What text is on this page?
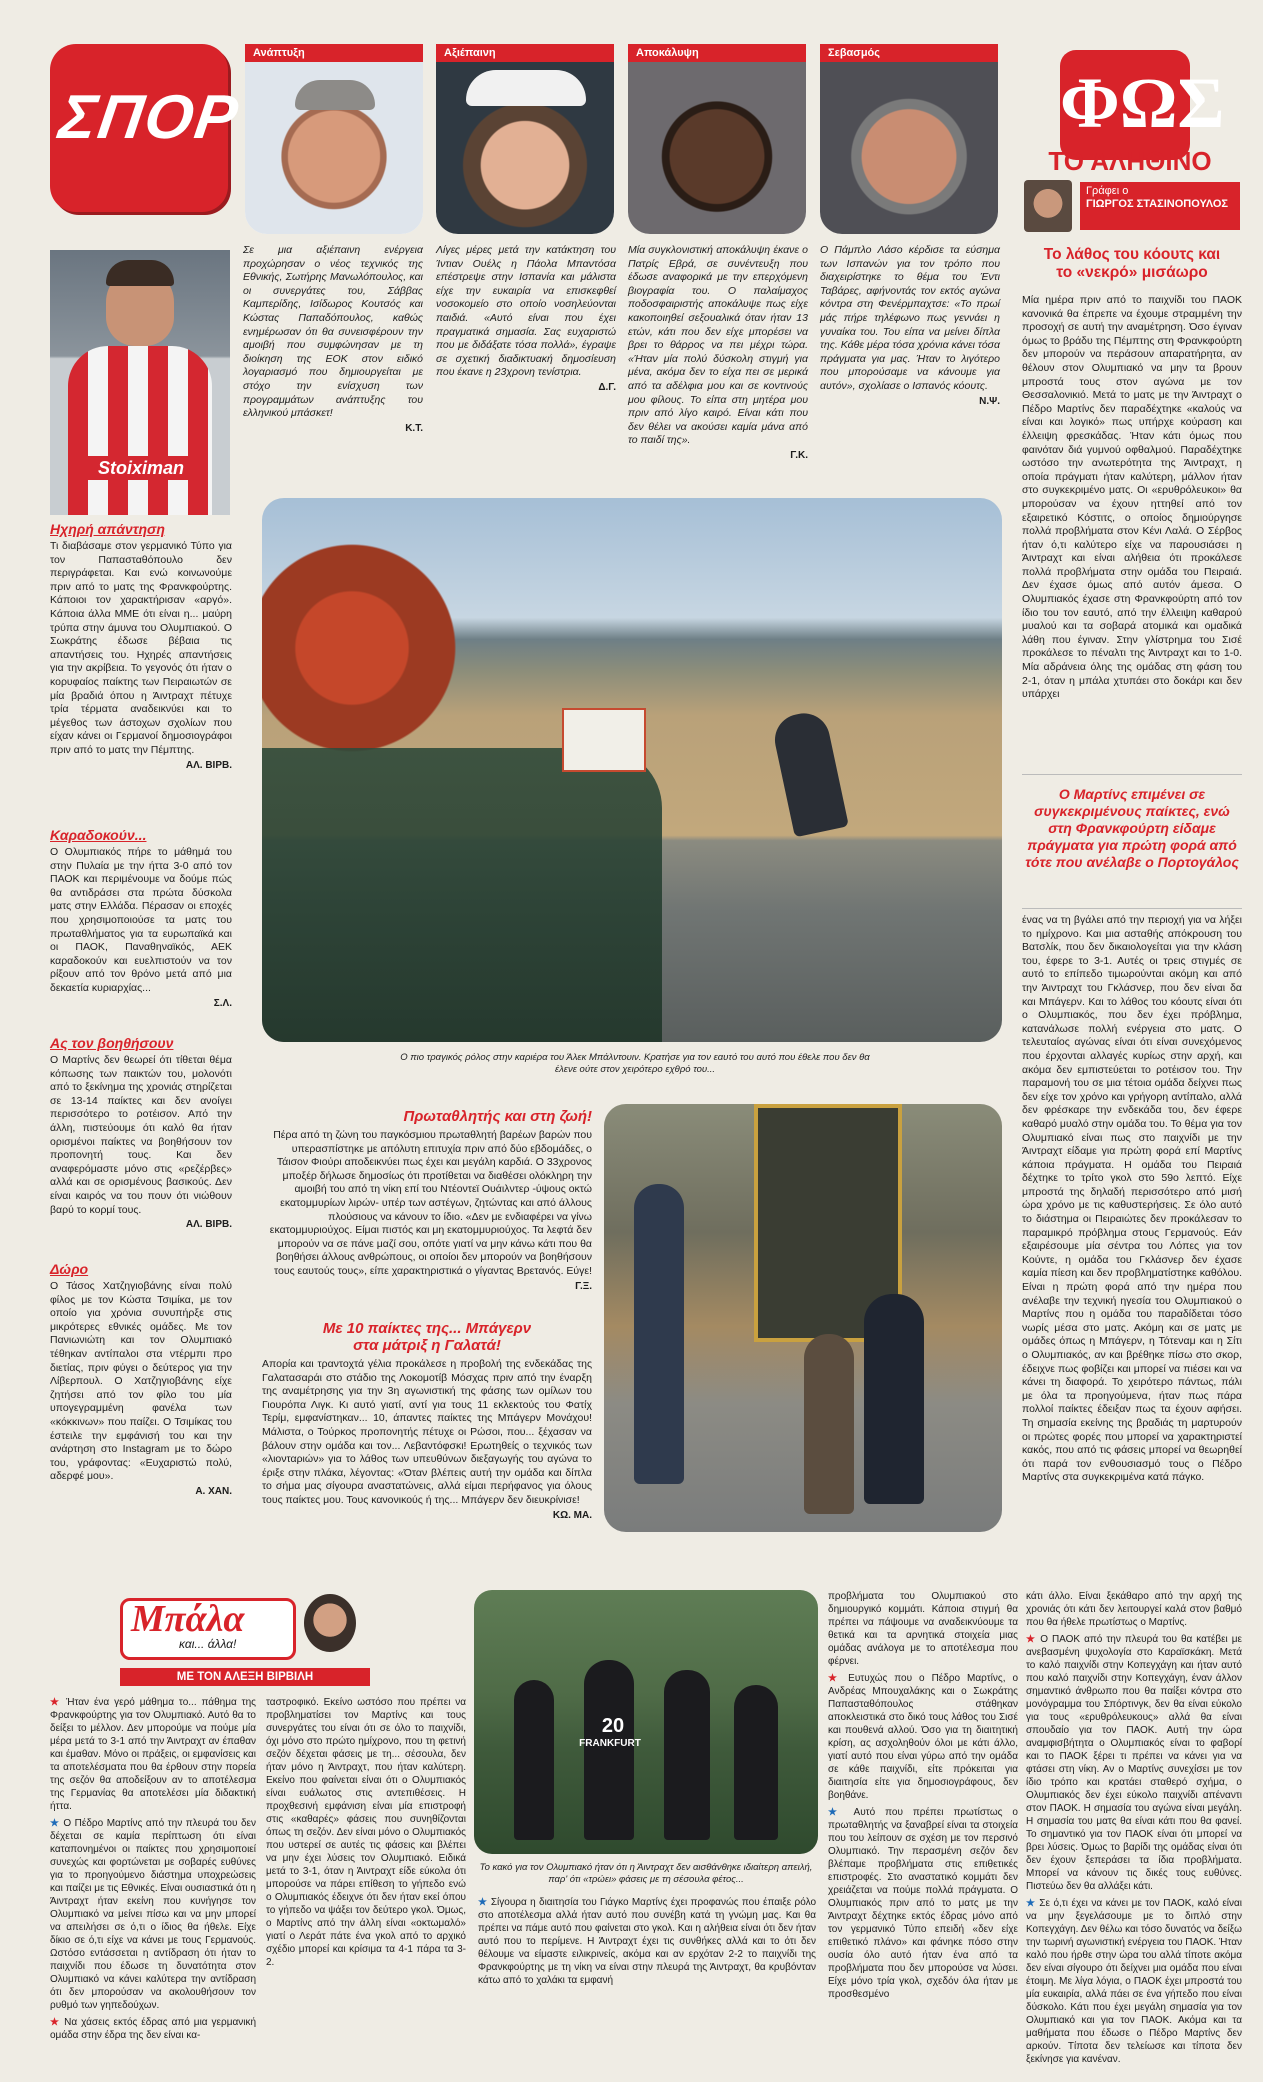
ΣΠΟΡ
Ανάπτυξη	Αξιέπαινη	Αποκάλυψη	Σεβασμός
ΦΩΣ
ΤΟ ΑΛΗΘΙΝΟ

Σε μια αξιέπαινη ενέργεια προχώρησαν ο νέος τεχνικός της Εθνικής, Σωτήρης Μανωλόπουλος, και οι συνεργάτες του, Σάββας Καμπερίδης, Ισίδωρος Κουτσός και Κώστας Παπαδόπουλος, καθώς ενημέρωσαν ότι θα συνεισφέρουν την αμοιβή που συμφώνησαν με τη διοίκηση της ΕΟΚ στον ειδικό λογαριασμό που δημιουργείται με στόχο την ενίσχυση των προγραμμάτων ανάπτυξης του ελληνικού μπάσκετ!

Κ.Τ.

Λίγες μέρες μετά την κατάκτηση του Ίντιαν Ουέλς η Πάολα Μπαντόσα επέστρεψε στην Ισπανία και μάλιστα είχε την ευκαιρία να επισκεφθεί νοσοκομείο στο οποίο νοσηλεύονται παιδιά. «Αυτό είναι που έχει πραγματικά σημασία. Σας ευχαριστώ που με διδάξατε τόσα πολλά», έγραψε σε σχετική διαδικτυακή δημοσίευση που έκανε η 23χρονη τενίστρια.

Δ.Γ.

Μία συγκλονιστική αποκάλυψη έκανε ο Πατρίς Εβρά, σε συνέντευξη που έδωσε αναφορικά με την επερχόμενη βιογραφία του. Ο παλαίμαχος ποδοσφαιριστής αποκάλυψε πως είχε κακοποιηθεί σεξουαλικά όταν ήταν 13 ετών, κάτι που δεν είχε μπορέσει να βρει το θάρρος να πει μέχρι τώρα. «Ήταν μία πολύ δύσκολη στιγμή για μένα, ακόμα δεν το είχα πει σε μερικά από τα αδέλφια μου και σε κοντινούς μου φίλους. Το είπα στη μητέρα μου πριν από λίγο καιρό. Είναι κάτι που δεν θέλει να ακούσει καμία μάνα από το παιδί της».

Γ.Κ.

Ο Πάμπλο Λάσο κέρδισε τα εύσημα των Ισπανών για τον τρόπο που διαχειρίστηκε το θέμα του Έντι Ταβάρες, αφήνοντάς τον εκτός αγώνα κόντρα στη Φενέρμπαχτσε: «Το πρωί μάς πήρε τηλέφωνο πως γεννάει η γυναίκα του. Του είπα να μείνει δίπλα της. Κάθε μέρα τόσα χρόνια κάνει τόσα πράγματα για μας. Ήταν το λιγότερο που μπορούσαμε να κάνουμε για αυτόν», σχολίασε ο Ισπανός κόουτς.

Ν.Ψ.
Γράφει ο
ΓΙΩΡΓΟΣ ΣΤΑΣΙΝΟΠΟΥΛΟΣ
Το λάθος του κόουτς και
το «νεκρό» μισάωρο

Μία ημέρα πριν από το παιχνίδι του ΠΑΟΚ κανονικά θα έπρεπε να έχουμε στραμμένη την προσοχή σε αυτή την αναμέτρηση. Όσο έγιναν όμως το βράδυ της Πέμπτης στη Φρανκφούρτη δεν μπορούν να περάσουν απαρατήρητα, αν θέλουν στον Ολυμπιακό να μην τα βρουν μπροστά τους στον αγώνα με τον Θεσσαλονικιό. Μετά το ματς με την Άιντραχτ ο Πέδρο Μαρτίνς δεν παραδέχτηκε «καλούς να είναι και λογικό» πως υπήρχε κούραση και έλλειψη φρεσκάδας. Ήταν κάτι όμως που φαινόταν διά γυμνού οφθαλμού. Παραδέχτηκε ωστόσο την ανωτερότητα της Άιντραχτ, η οποία πράγματι ήταν καλύτερη, μάλλον ήταν στο συγκεκριμένο ματς. Οι «ερυθρόλευκοι» θα μπορούσαν να έχουν ηττηθεί από τον εξαιρετικό Κόστιτς, ο οποίος δημιούργησε πολλά προβλήματα στον Κένι Λαλά. Ο Σέρβος ήταν ό,τι καλύτερο είχε να παρουσιάσει η Άιντραχτ και είναι αλήθεια ότι προκάλεσε πολλά προβλήματα στην ομάδα του Πειραιά. Δεν έχασε όμως από αυτόν άμεσα. Ο Ολυμπιακός έχασε στη Φρανκφούρτη από τον ίδιο του τον εαυτό, από την έλλειψη καθαρού μυαλού και τα σοβαρά ατομικά και ομαδικά λάθη που έγιναν. Στην γλίστρημα του Σισέ προκάλεσε το πέναλτι της Άιντραχτ και το 1-0. Μία αδράνεια όλης της ομάδας στη φάση του 2-1, όταν η μπάλα χτυπάει στο δοκάρι και δεν υπάρχει

Ο Μαρτίνς επιμένει σε συγκεκριμένους παίκτες, ενώ στη Φρανκφούρτη είδαμε πράγματα για πρώτη φορά από τότε που ανέλαβε ο Πορτογάλος

ένας να τη βγάλει από την περιοχή για να λήξει το ημίχρονο. Και μια ασταθής απόκρουση του Βατσλίκ, που δεν δικαιολογείται για την κλάση του, έφερε το 3-1. Αυτές οι τρεις στιγμές σε αυτό το επίπεδο τιμωρούνται ακόμη και από την Άιντραχτ του Γκλάσνερ, που δεν είναι δα και Μπάγερν. Και το λάθος του κόουτς είναι ότι ο Ολυμπιακός, που δεν έχει πρόβλημα, κατανάλωσε πολλή ενέργεια στο ματς. Ο τελευταίος αγώνας είναι ότι είναι συνεχόμενος που έρχονται αλλαγές κυρίως στην αρχή, και ακόμα δεν εμπιστεύεται το ροτέισον του. Την παραμονή του σε μια τέτοια ομάδα δείχνει πως δεν είχε τον χρόνο και γρήγορη αντίπαλο, αλλά δεν φρέσκαρε την ενδεκάδα του, δεν έφερε καθαρό μυαλό στην ομάδα του. Το θέμα για τον Ολυμπιακό είναι πως στο παιχνίδι με την Άιντραχτ είδαμε για πρώτη φορά επί Μαρτίνς κάποια πράγματα. Η ομάδα του Πειραιά δέχτηκε το τρίτο γκολ στο 59ο λεπτό. Είχε μπροστά της δηλαδή περισσότερο από μισή ώρα χρόνο με τις καθυστερήσεις. Σε όλο αυτό το διάστημα οι Πειραιώτες δεν προκάλεσαν το παραμικρό πρόβλημα στους Γερμανούς. Εάν εξαιρέσουμε μία σέντρα του Λόπες για τον Κούντε, η ομάδα του Γκλάσνερ δεν έχασε καμία πίεση και δεν προβληματίστηκε καθόλου. Είναι η πρώτη φορά από την ημέρα που ανέλαβε την τεχνική ηγεσία του Ολυμπιακού ο Μαρτίνς που η ομάδα του παραδίδεται τόσο νωρίς μέσα στο ματς. Ακόμη και σε ματς με ομάδες όπως η Μπάγερν, η Τότεναμ και η Σίτι ο Ολυμπιακός, αν και βρέθηκε πίσω στο σκορ, έδειχνε πως φοβίζει και μπορεί να πιέσει και να κάνει τη διαφορά. Το χειρότερο πάντως, πάλι με όλα τα προηγούμενα, ήταν πως πάρα πολλοί παίκτες έδειξαν πως τα έχουν αφήσει. Τη σημασία εκείνης της βραδιάς τη μαρτυρούν οι πρώτες φορές που μπορεί να χαρακτηριστεί κακός, που από τις φάσεις μπορεί να θεωρηθεί ότι παρά τον ενθουσιασμό τους ο Πέδρο Μαρτίνς στα συγκεκριμένα κατά πάγκο.

Stoiximan
Ηχηρή απάντηση

Τι διαβάσαμε στον γερμανικό Τύπο για τον Παπασταθόπουλο δεν περιγράφεται. Και ενώ κοινωνούμε πριν από το ματς της Φρανκφούρτης. Κάποιοι τον χαρακτήρισαν «αργό». Κάποια άλλα ΜΜΕ ότι είναι η... μαύρη τρύπα στην άμυνα του Ολυμπιακού. Ο Σωκράτης έδωσε βέβαια τις απαντήσεις του. Ηχηρές απαντήσεις για την ακρίβεια. Το γεγονός ότι ήταν ο κορυφαίος παίκτης των Πειραιωτών σε μία βραδιά όπου η Άιντραχτ πέτυχε τρία τέρματα αναδεικνύει και το μέγεθος των άστοχων σχολίων που είχαν κάνει οι Γερμανοί δημοσιογράφοι πριν από το ματς την Πέμπτης.

ΑΛ. ΒΙΡΒ.
Καραδοκούν...

Ο Ολυμπιακός πήρε το μάθημά του στην Πυλαία με την ήττα 3-0 από τον ΠΑΟΚ και περιμένουμε να δούμε πώς θα αντιδράσει στα πρώτα δύσκολα ματς στην Ελλάδα. Πέρασαν οι εποχές που χρησιμοποιούσε τα ματς του πρωταθλήματος για τα ευρωπαϊκά και οι ΠΑΟΚ, Παναθηναϊκός, ΑΕΚ καραδοκούν και ευελπιστούν να τον ρίξουν από τον θρόνο μετά από μια δεκαετία κυριαρχίας...

Σ.Λ.
Ας τον βοηθήσουν

Ο Μαρτίνς δεν θεωρεί ότι τίθεται θέμα κόπωσης των παικτών του, μολονότι από το ξεκίνημα της χρονιάς στηρίζεται σε 13-14 παίκτες και δεν ανοίγει περισσότερο το ροτέισον. Από την άλλη, πιστεύουμε ότι καλό θα ήταν ορισμένοι παίκτες να βοηθήσουν τον προπονητή τους. Και δεν αναφερόμαστε μόνο στις «ρεζέρβες» αλλά και σε ορισμένους βασικούς. Δεν είναι καιρός να του πουν ότι νιώθουν βαρύ το κορμί τους.

ΑΛ. ΒΙΡΒ.
Δώρο

Ο Τάσος Χατζηγιοβάνης είναι πολύ φίλος με τον Κώστα Τσιμίκα, με τον οποίο για χρόνια συνυπήρξε στις μικρότερες εθνικές ομάδες. Με τον Πανιωνιώτη και τον Ολυμπιακό τέθηκαν αντίπαλοι στα ντέρμπι προ διετίας, πριν φύγει ο δεύτερος για την Λίβερπουλ. Ο Χατζηγιοβάνης είχε ζητήσει από τον φίλο του μία υπογεγραμμένη φανέλα των «κόκκινων» που παίζει. Ο Τσιμίκας του έστειλε την εμφάνισή του και την ανάρτηση στο Instagram με το δώρο του, γράφοντας: «Ευχαριστώ πολύ, αδερφέ μου».

Α. ΧΑΝ.
Ο πιο τραγικός ρόλος στην καριέρα του Άλεκ Μπάλντουιν. Κρατήσε για τον εαυτό του αυτό που έθελε που δεν θα έλενε ούτε στον χειρότερο εχθρό του...
Πρωταθλητής και στη ζωή!

Πέρα από τη ζώνη του παγκόσμιου πρωταθλητή βαρέων βαρών που υπερασπίστηκε με απόλυτη επιτυχία πριν από δύο εβδομάδες, ο Τάισον Φιούρι αποδεικνύει πως έχει και μεγάλη καρδιά. Ο 33χρονος μποξέρ δήλωσε δημοσίως ότι προτίθεται να διαθέσει ολόκληρη την αμοιβή του από τη νίκη επί του Ντέοντεϊ Ουάιλντερ -ύψους οκτώ εκατομμυρίων λιρών- υπέρ των αστέγων, ζητώντας και από άλλους πλούσιους να κάνουν το ίδιο. «Δεν με ενδιαφέρει να γίνω εκατομμυριούχος. Είμαι πιστός και μη εκατομμυριούχος. Τα λεφτά δεν μπορούν να σε πάνε μαζί σου, οπότε γιατί να μην κάνω κάτι που θα βοηθήσει άλλους ανθρώπους, οι οποίοι δεν μπορούν να βοηθήσουν τους εαυτούς τους», είπε χαρακτηριστικά ο γίγαντας Βρετανός. Εύγε!

Γ.Ξ.
Με 10 παίκτες της... Μπάγερν
στα μάτριξ η Γαλατά!

Απορία και τραντοχτά γέλια προκάλεσε η προβολή της ενδεκάδας της Γαλατασαράι στο στάδιο της Λοκομοτίβ Μόσχας πριν από την έναρξη της αναμέτρησης για την 3η αγωνιστική της φάσης των ομίλων του Γιουρόπα Λιγκ. Κι αυτό γιατί, αντί για τους 11 εκλεκτούς του Φατίχ Τερίμ, εμφανίστηκαν... 10, άπαντες παίκτες της Μπάγερν Μονάχου! Μάλιστα, ο Τούρκος προπονητής πέτυχε οι Ρώσοι, που... ξέχασαν να βάλουν στην ομάδα και τον... Λεβαντόφσκι! Ερωτηθείς ο τεχνικός των «λιονταριών» για το λάθος των υπευθύνων διεξαγωγής του αγώνα το έριξε στην πλάκα, λέγοντας: «Όταν βλέπεις αυτή την ομάδα και δίπλα το σήμα μας σίγουρα αναστατώνεις, αλλά είμαι περήφανος για όλους τους παίκτες μου. Τους κανονικούς ή της... Μπάγερν δεν διευκρίνισε!

ΚΩ. ΜΑ.
Μπάλα
και... άλλα!
ΜΕ ΤΟΝ ΑΛΕΞΗ ΒΙΡΒΙΛΗ

★ Ήταν ένα γερό μάθημα το... πάθημα της Φρανκφούρτης για τον Ολυμπιακό. Αυτό θα το δείξει το μέλλον. Δεν μπορούμε να πούμε μία μέρα μετά το 3-1 από την Άιντραχτ αν έπαθαν και έμαθαν. Μόνο οι πράξεις, οι εμφανίσεις και τα αποτελέσματα που θα έρθουν στην πορεία της σεζόν θα αποδείξουν αν το αποτέλεσμα της Γερμανίας θα αποτελέσει μία διδακτική ήττα.

★ Ο Πέδρο Μαρτίνς από την πλευρά του δεν δέχεται σε καμία περίπτωση ότι είναι καταπονημένοι οι παίκτες που χρησιμοποιεί συνεχώς και φορτώνεται με σοβαρές ευθύνες για το προηγούμενο διάστημα υποχρεώσεις και παίζει με τις Εθνικές. Είναι ουσιαστικά ότι η Άιντραχτ ήταν εκείνη που κυνήγησε τον Ολυμπιακό να μείνει πίσω και να μην μπορεί να απειλήσει σε ό,τι ο ίδιος θα ήθελε. Είχε δίκιο σε ό,τι είχε να κάνει με τους Γερμανούς. Ωστόσο εντάσσεται η αντίδραση ότι ήταν το παιχνίδι που έδωσε τη δυνατότητα στον Ολυμπιακό να κάνει καλύτερα την αντίδραση ότι δεν μπορούσαν να ακολουθήσουν τον ρυθμό των γηπεδούχων.

★ Να χάσεις εκτός έδρας από μια γερμανική ομάδα στην έδρα της δεν είναι κα-

ταστροφικό. Εκείνο ωστόσο που πρέπει να προβληματίσει τον Μαρτίνς και τους συνεργάτες του είναι ότι σε όλο το παιχνίδι, όχι μόνο στο πρώτο ημίχρονο, που τη φετινή σεζόν δέχεται φάσεις με τη... σέσουλα, δεν ήταν μόνο η Άιντραχτ, που ήταν καλύτερη. Εκείνο που φαίνεται είναι ότι ο Ολυμπιακός είναι ευάλωτος στις αντεπιθέσεις. Η προχθεσινή εμφάνιση είναι μία επιστροφή στις «καθαρές» φάσεις που συνηθίζονται όπως τη σεζόν. Δεν είναι μόνο ο Ολυμπιακός που υστερεί σε αυτές τις φάσεις και βλέπει να μην έχει λύσεις τον Ολυμπιακό. Ειδικά μετά το 3-1, όταν η Άιντραχτ είδε εύκολα ότι μπορούσε να πάρει επίθεση το γήπεδο ενώ ο Ολυμπιακός έδειχνε ότι δεν ήταν εκεί όπου το γήπεδο να ψάξει τον δεύτερο γκολ. Όμως, ο Μαρτίνς από την άλλη είναι «οκτωμαλό» γιατί ο Λεράτ πάτε ένα γκολ από το αρχικό σχέδιο μπορεί και κρίσιμα τα 4-1 πάρα τα 3-2.

20
FRANKFURT
Το κακό για τον Ολυμπιακό ήταν ότι η Άιντραχτ δεν αισθάνθηκε ιδιαίτερη απειλή, παρ' ότι «τρώει» φάσεις με τη σέσουλα φέτος...

★ Σίγουρα η διαιτησία του Γιάγκο Μαρτίνς έχει προφανώς που έπαιξε ρόλο στο αποτέλεσμα αλλά ήταν αυτό που συνέβη κατά τη γνώμη μας. Και θα πρέπει να πάμε αυτό που φαίνεται στο γκολ. Και η αλήθεια είναι ότι δεν ήταν αυτό που το περίμενε. Η Άιντραχτ έχει τις συνθήκες αλλά και το ότι δεν θέλουμε να είμαστε ειλικρινείς, ακόμα και αν ερχόταν 2-2 το παιχνίδι της Φρανκφούρτης με τη νίκη να είναι στην πλευρά της Άιντραχτ, θα κρυβόνταν κάτω από το χαλάκι τα εμφανή

προβλήματα του Ολυμπιακού στο δημιουργικό κομμάτι. Κάποια στιγμή θα πρέπει να πάψουμε να αναδεικνύουμε τα θετικά και τα αρνητικά στοιχεία μιας ομάδας ανάλογα με το αποτέλεσμα που φέρνει.

★ Ευτυχώς που ο Πέδρο Μαρτίνς, ο Ανδρέας Μπουχαλάκης και ο Σωκράτης Παπασταθόπουλος στάθηκαν αποκλειστικά στο δικό τους λάθος του Σισέ και πουθενά αλλού. Όσο για τη διαιτητική κρίση, ας ασχοληθούν όλοι με κάτι άλλο, γιατί αυτό που είναι γύρω από την ομάδα σε κάθε παιχνίδι, είτε πρόκειται για διαιτησία είτε για δημοσιογράφους, δεν βοηθάνε.

★ Αυτό που πρέπει πρωτίστως ο πρωταθλητής να ξαναβρεί είναι τα στοιχεία που του λείπουν σε σχέση με τον περσινό Ολυμπιακό. Την περασμένη σεζόν δεν βλέπαμε προβλήματα στις επιθετικές επιστροφές. Στο αναστατικό κομμάτι δεν χρειάζεται να πούμε πολλά πράγματα. Ο Ολυμπιακός πριν από το ματς με την Άιντραχτ δέχτηκε εκτός έδρας μόνο από τον γερμανικό Τύπο επειδή «δεν είχε επιθετικό πλάνο» και φάνηκε πόσο στην ουσία όλο αυτό ήταν ένα από τα προβλήματα που δεν μπορούσε να λύσει. Είχε μόνο τρία γκολ, σχεδόν όλα ήταν με προσθεσμένο

κάτι άλλο. Είναι ξεκάθαρο από την αρχή της χρονιάς ότι κάτι δεν λειτουργεί καλά στον βαθμό που θα ήθελε πρωτίστως ο Μαρτίνς.

★ Ο ΠΑΟΚ από την πλευρά του θα κατέβει με ανεβασμένη ψυχολογία στο Καραϊσκάκη. Μετά το καλό παιχνίδι στην Κοπεγχάγη και ήταν αυτό που καλό παιχνίδι στην Κοπεγχάγη, έναν άλλον σημαντικό άνθρωπο που θα παίξει κόντρα στο μονόγραμμα του Σπόρτινγκ, δεν θα είναι εύκολο για τους «ερυθρόλευκους» αλλά θα είναι σπουδαίο για τον ΠΑΟΚ. Αυτή την ώρα αναμφισβήτητα ο Ολυμπιακός είναι το φαβορί και το ΠΑΟΚ ξέρει τι πρέπει να κάνει για να φτάσει στη νίκη. Αν ο Μαρτίνς συνεχίσει με τον ίδιο τρόπο και κρατάει σταθερό σχήμα, ο Ολυμπιακός δεν έχει εύκολο παιχνίδι απέναντι στον ΠΑΟΚ. Η σημασία του αγώνα είναι μεγάλη. Η σημασία του ματς θα είναι κάτι που θα φανεί. Το σημαντικό για τον ΠΑΟΚ είναι ότι μπορεί να βρει λύσεις. Όμως το βαρίδι της ομάδας είναι ότι δεν έχουν ξεπεράσει τα ίδια προβλήματα. Μπορεί να κάνουν τις δικές τους ευθύνες. Πιστεύω δεν θα αλλάξει κάτι.

★ Σε ό,τι έχει να κάνει με τον ΠΑΟΚ, καλό είναι να μην ξεγελάσουμε με το διπλό στην Κοπεγχάγη. Δεν θέλω και τόσο δυνατός να δείξω την τωρινή αγωνιστική ενέργεια του ΠΑΟΚ. Ήταν καλό που ήρθε στην ώρα του αλλά τίποτε ακόμα δεν είναι σίγουρο ότι δείχνει μια ομάδα που είναι έτοιμη. Με λίγα λόγια, ο ΠΑΟΚ έχει μπροστά του μία ευκαιρία, αλλά πάει σε ένα γήπεδο που είναι δύσκολο. Κάτι που έχει μεγάλη σημασία για τον Ολυμπιακό και για τον ΠΑΟΚ. Ακόμα και τα μαθήματα που έδωσε ο Πέδρο Μαρτίνς δεν αρκούν. Τίποτα δεν τελείωσε και τίποτα δεν ξεκίνησε για κανέναν.
